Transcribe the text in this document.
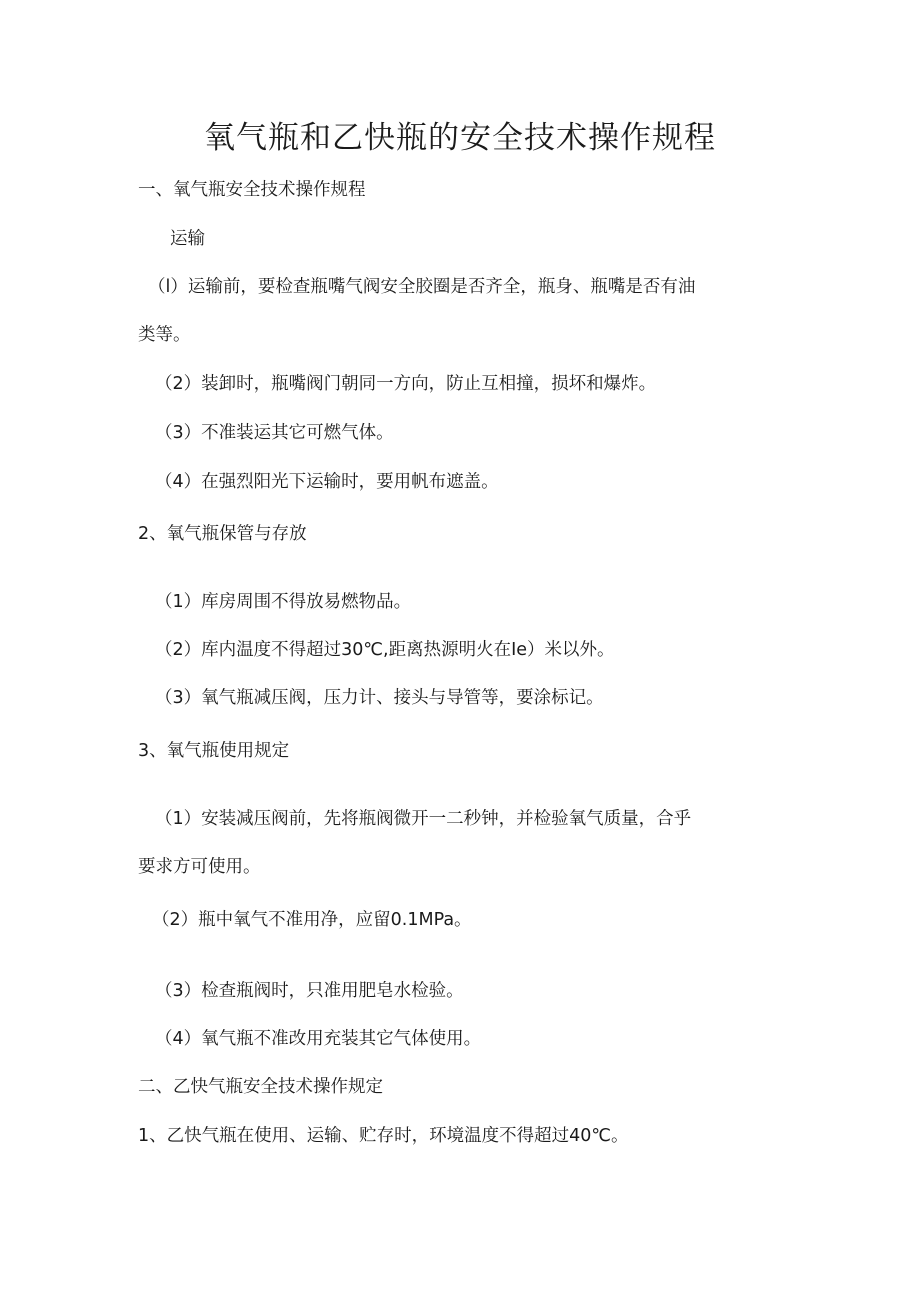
氧气瓶和乙快瓶的安全技术操作规程
一、氧气瓶安全技术操作规程
运输
（l）运输前，要检查瓶嘴气阀安全胶圈是否齐全，瓶身、瓶嘴是否有油
类等。
（2）装卸时，瓶嘴阀门朝同一方向，防止互相撞，损坏和爆炸。
（3）不准装运其它可燃气体。
（4）在强烈阳光下运输时，要用帆布遮盖。
2、氧气瓶保管与存放
（1）库房周围不得放易燃物品。
（2）库内温度不得超过30℃,距离热源明火在Ie）米以外。
（3）氧气瓶减压阀，压力计、接头与导管等，要涂标记。
3、氧气瓶使用规定
（1）安装减压阀前，先将瓶阀微开一二秒钟，并检验氧气质量，合乎
要求方可使用。
（2）瓶中氧气不准用净，应留0.1MPa。
（3）检查瓶阀时，只准用肥皂水检验。
（4）氧气瓶不准改用充装其它气体使用。
二、乙快气瓶安全技术操作规定
1、乙快气瓶在使用、运输、贮存时，环境温度不得超过40℃。
